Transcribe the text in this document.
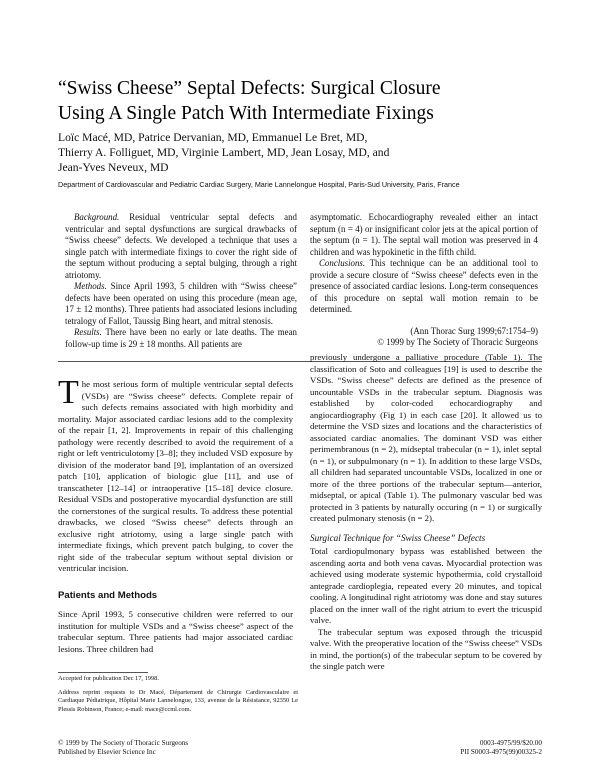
“Swiss Cheese” Septal Defects: Surgical Closure
Using A Single Patch With Intermediate Fixings
Loïc Macé, MD, Patrice Dervanian, MD, Emmanuel Le Bret, MD,
Thierry A. Folliguet, MD, Virginie Lambert, MD, Jean Losay, MD, and
Jean-Yves Neveux, MD
Department of Cardiovascular and Pediatric Cardiac Surgery, Marie Lannelongue Hospital, Paris-Sud University, Paris, France

Background. Residual ventricular septal defects and ventricular and septal dysfunctions are surgical drawbacks of “Swiss cheese” defects. We developed a technique that uses a single patch with intermediate fixings to cover the right side of the septum without producing a septal bulging, through a right atriotomy.

Methods. Since April 1993, 5 children with “Swiss cheese” defects have been operated on using this procedure (mean age, 17 ± 12 months). Three patients had associated lesions including tetralogy of Fallot, Taussig Bing heart, and mitral stenosis.

Results. There have been no early or late deaths. The mean follow-up time is 29 ± 18 months. All patients are

asymptomatic. Echocardiography revealed either an intact septum (n = 4) or insignificant color jets at the apical portion of the septum (n = 1). The septal wall motion was preserved in 4 children and was hypokinetic in the fifth child.

Conclusions. This technique can be an additional tool to provide a secure closure of “Swiss cheese” defects even in the presence of associated cardiac lesions. Long-term consequences of this procedure on septal wall motion remain to be determined.

(Ann Thorac Surg 1999;67:1754–9)
© 1999 by The Society of Thoracic Surgeons

The most serious form of multiple ventricular septal defects (VSDs) are “Swiss cheese” defects. Complete repair of such defects remains associated with high morbidity and mortality. Major associated cardiac lesions add to the complexity of the repair [1, 2]. Improvements in repair of this challenging pathology were recently described to avoid the requirement of a right or left ventriculotomy [3–8]; they included VSD exposure by division of the moderator band [9], implantation of an oversized patch [10], application of biologic glue [11], and use of transcatheter [12–14] or intraoperative [15–18] device closure. Residual VSDs and postoperative myocardial dysfunction are still the cornerstones of the surgical results. To address these potential drawbacks, we closed “Swiss cheese” defects through an exclusive right atriotomy, using a large single patch with intermediate fixings, which prevent patch bulging, to cover the right side of the trabecular septum without septal division or ventricular incision.

Patients and Methods

Since April 1993, 5 consecutive children were referred to our institution for multiple VSDs and a “Swiss cheese” aspect of the trabecular septum. Three patients had major associated cardiac lesions. Three children had

Accepted for publication Dec 17, 1998.

Address reprint requests to Dr Macé, Département de Chirurgie Cardiovasculaire et Cardiaque Pédiatrique, Hôpital Marie Lannelongue, 133, avenue de la Résistance, 92350 Le Plessis Robinson, France; e-mail: mace@ccml.com.

previously undergone a palliative procedure (Table 1). The classification of Soto and colleagues [19] is used to describe the VSDs. “Swiss cheese” defects are defined as the presence of uncountable VSDs in the trabecular septum. Diagnosis was established by color-coded echocardiography and angiocardiography (Fig 1) in each case [20]. It allowed us to determine the VSD sizes and locations and the characteristics of associated cardiac anomalies. The dominant VSD was either perimembranous (n = 2), midseptal trabecular (n = 1), inlet septal (n = 1), or subpulmonary (n = 1). In addition to these large VSDs, all children had separated uncountable VSDs, localized in one or more of the three portions of the trabecular septum—anterior, midseptal, or apical (Table 1). The pulmonary vascular bed was protected in 3 patients by naturally occuring (n = 1) or surgically created pulmonary stenosis (n = 2).

Surgical Technique for “Swiss Cheese” Defects

Total cardiopulmonary bypass was established between the ascending aorta and both vena cavas. Myocardial protection was achieved using moderate systemic hypothermia, cold crystalloid antegrade cardioplegia, repeated every 20 minutes, and topical cooling. A longitudinal right atriotomy was done and stay sutures placed on the inner wall of the right atrium to evert the tricuspid valve.

The trabecular septum was exposed through the tricuspid valve. With the preoperative location of the “Swiss cheese” VSDs in mind, the portion(s) of the trabecular septum to be covered by the single patch were

© 1999 by The Society of Thoracic Surgeons
Published by Elsevier Science Inc
0003-4975/99/$20.00
PII S0003-4975(99)00325-2
